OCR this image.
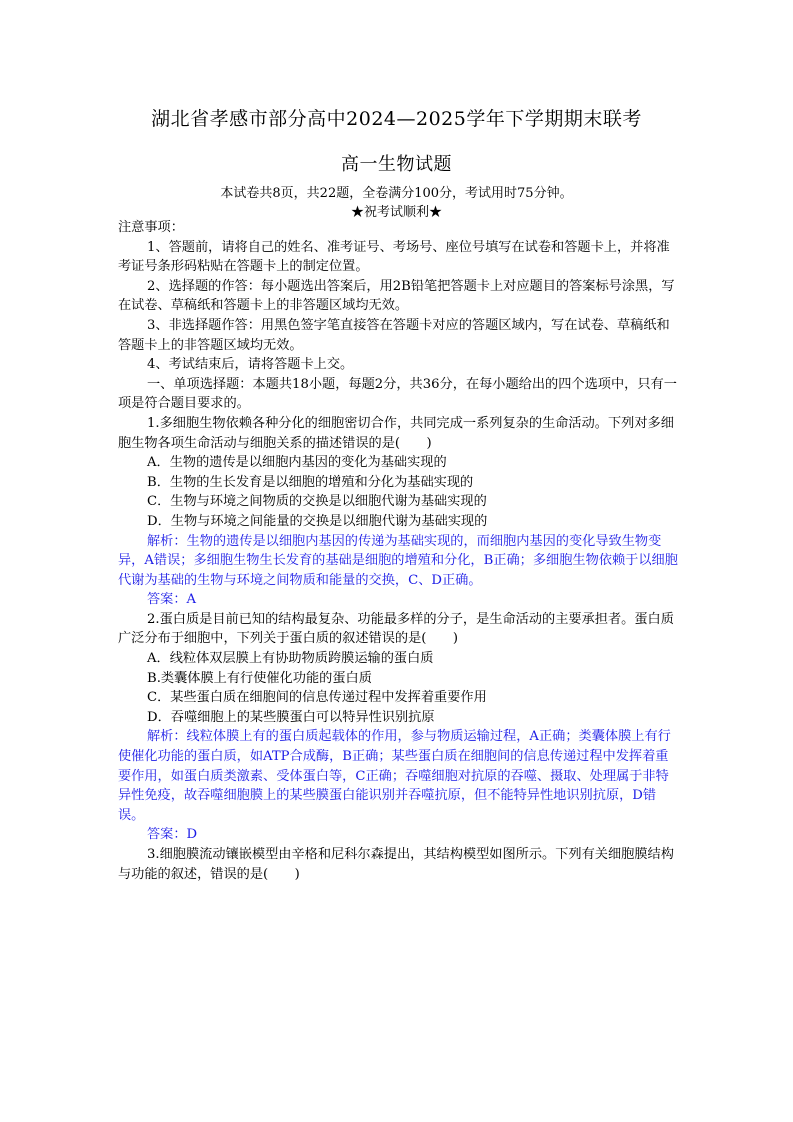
湖北省孝感市部分高中2024—2025学年下学期期末联考
高一生物试题
本试卷共8页，共22题，全卷满分100分，考试用时75分钟。
★祝考试顺利★

注意事项：

1、答题前，请将自己的姓名、准考证号、考场号、座位号填写在试卷和答题卡上，并将准考证号条形码粘贴在答题卡上的制定位置。

2、选择题的作答：每小题选出答案后，用2B铅笔把答题卡上对应题目的答案标号涂黑，写在试卷、草稿纸和答题卡上的非答题区域均无效。

3、非选择题作答：用黑色签字笔直接答在答题卡对应的答题区域内，写在试卷、草稿纸和答题卡上的非答题区域均无效。

4、考试结束后，请将答题卡上交。

一、单项选择题：本题共18小题，每题2分，共36分，在每小题给出的四个选项中，只有一项是符合题目要求的。

1.多细胞生物依赖各种分化的细胞密切合作，共同完成一系列复杂的生命活动。下列对多细胞生物各项生命活动与细胞关系的描述错误的是(　　)

A．生物的遗传是以细胞内基因的变化为基础实现的

B．生物的生长发育是以细胞的增殖和分化为基础实现的

C．生物与环境之间物质的交换是以细胞代谢为基础实现的

D．生物与环境之间能量的交换是以细胞代谢为基础实现的

解析：生物的遗传是以细胞内基因的传递为基础实现的，而细胞内基因的变化导致生物变异，A错误；多细胞生物生长发育的基础是细胞的增殖和分化，B正确；多细胞生物依赖于以细胞代谢为基础的生物与环境之间物质和能量的交换，C、D正确。

答案：A

2.蛋白质是目前已知的结构最复杂、功能最多样的分子，是生命活动的主要承担者。蛋白质广泛分布于细胞中，下列关于蛋白质的叙述错误的是(　　)

A．线粒体双层膜上有协助物质跨膜运输的蛋白质

B.类囊体膜上有行使催化功能的蛋白质

C．某些蛋白质在细胞间的信息传递过程中发挥着重要作用

D．吞噬细胞上的某些膜蛋白可以特异性识别抗原

解析：线粒体膜上有的蛋白质起载体的作用，参与物质运输过程，A正确；类囊体膜上有行使催化功能的蛋白质，如ATP合成酶，B正确；某些蛋白质在细胞间的信息传递过程中发挥着重要作用，如蛋白质类激素、受体蛋白等，C正确；吞噬细胞对抗原的吞噬、摄取、处理属于非特异性免疫，故吞噬细胞膜上的某些膜蛋白能识别并吞噬抗原，但不能特异性地识别抗原，D错误。

答案：D

3.细胞膜流动镶嵌模型由辛格和尼科尔森提出，其结构模型如图所示。下列有关细胞膜结构与功能的叙述，错误的是(　　)
